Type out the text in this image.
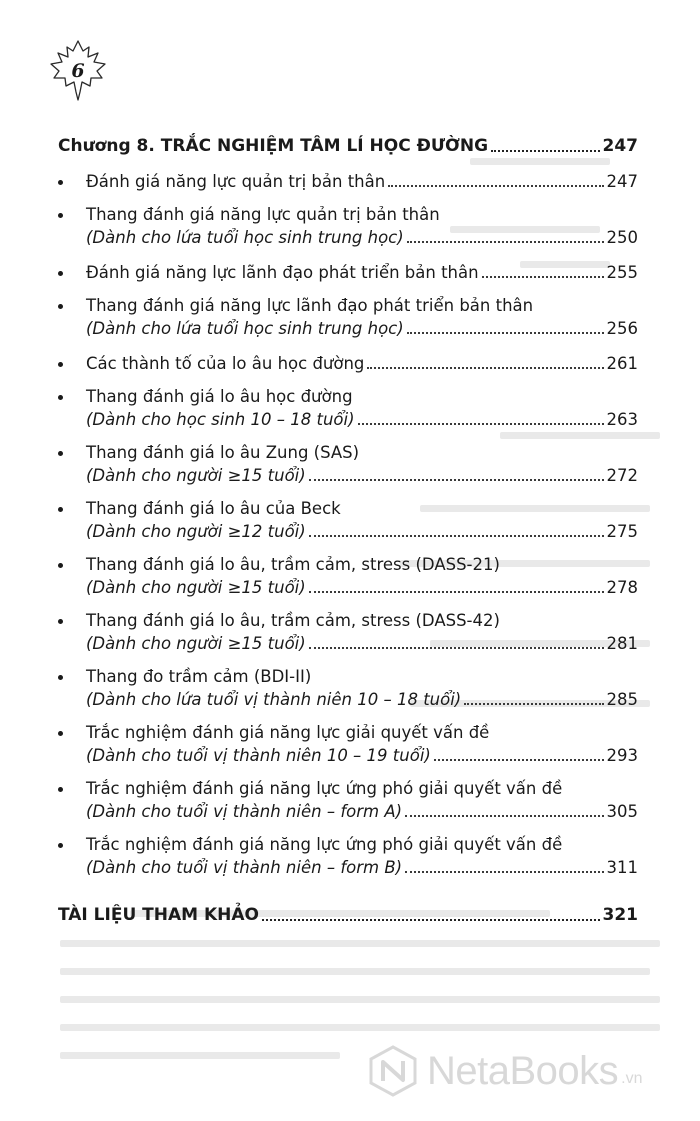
6
Chương 8. TRẮC NGHIỆM TÂM LÍ HỌC ĐƯỜNG	247
Đánh giá năng lực quản trị bản thân	247
Thang đánh giá năng lực quản trị bản thân
(Dành cho lứa tuổi học sinh trung học)	250
Đánh giá năng lực lãnh đạo phát triển bản thân	255
Thang đánh giá năng lực lãnh đạo phát triển bản thân
(Dành cho lứa tuổi học sinh trung học)	256
Các thành tố của lo âu học đường	261
Thang đánh giá lo âu học đường
(Dành cho học sinh 10 – 18 tuổi)	263
Thang đánh giá lo âu Zung (SAS)
(Dành cho người ≥15 tuổi)	272
Thang đánh giá lo âu của Beck
(Dành cho người ≥12 tuổi)	275
Thang đánh giá lo âu, trầm cảm, stress (DASS-21)
(Dành cho người ≥15 tuổi)	278
Thang đánh giá lo âu, trầm cảm, stress (DASS-42)
(Dành cho người ≥15 tuổi)	281
Thang đo trầm cảm (BDI-II)
(Dành cho lứa tuổi vị thành niên 10 – 18 tuổi)	285
Trắc nghiệm đánh giá năng lực giải quyết vấn đề
(Dành cho tuổi vị thành niên 10 – 19 tuổi)	293
Trắc nghiệm đánh giá năng lực ứng phó giải quyết vấn đề
(Dành cho tuổi vị thành niên – form A)	305
Trắc nghiệm đánh giá năng lực ứng phó giải quyết vấn đề
(Dành cho tuổi vị thành niên – form B)	311
TÀI LIỆU THAM KHẢO	321
NetaBooks .vn
